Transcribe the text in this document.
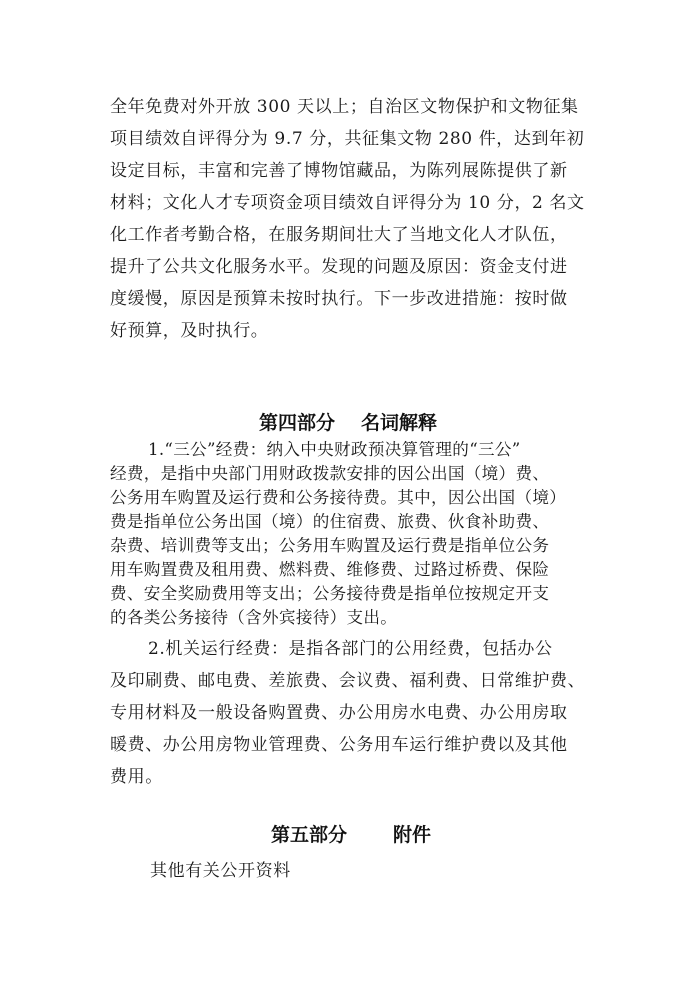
全年免费对外开放 300 天以上；自治区文物保护和文物征集
项目绩效自评得分为 9.7 分，共征集文物 280 件，达到年初
设定目标，丰富和完善了博物馆藏品，为陈列展陈提供了新
材料；文化人才专项资金项目绩效自评得分为 10 分，2 名文
化工作者考勤合格，在服务期间壮大了当地文化人才队伍，
提升了公共文化服务水平。发现的问题及原因：资金支付进
度缓慢，原因是预算未按时执行。下一步改进措施：按时做
好预算，及时执行。
第四部分 名词解释
1.“三公”经费：纳入中央财政预决算管理的“三公”
经费，是指中央部门用财政拨款安排的因公出国（境）费、
公务用车购置及运行费和公务接待费。其中，因公出国（境）
费是指单位公务出国（境）的住宿费、旅费、伙食补助费、
杂费、培训费等支出；公务用车购置及运行费是指单位公务
用车购置费及租用费、燃料费、维修费、过路过桥费、保险
费、安全奖励费用等支出；公务接待费是指单位按规定开支
的各类公务接待（含外宾接待）支出。
2.机关运行经费：是指各部门的公用经费，包括办公
及印刷费、邮电费、差旅费、会议费、福利费、日常维护费、
专用材料及一般设备购置费、办公用房水电费、办公用房取
暖费、办公用房物业管理费、公务用车运行维护费以及其他
费用。
第五部分 附件
其他有关公开资料
